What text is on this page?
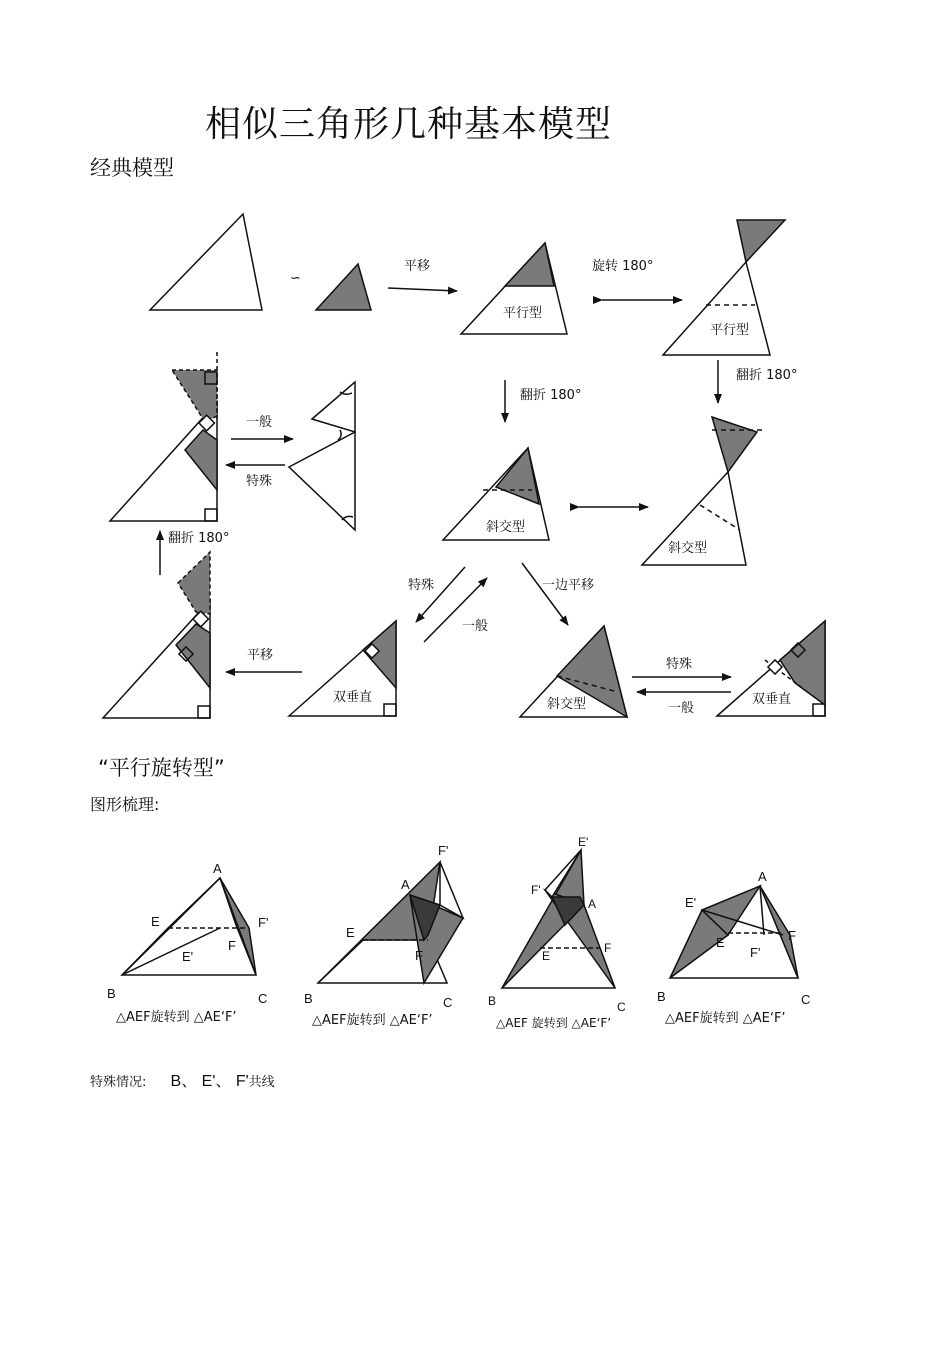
相似三角形几种基本模型
经典模型
“平行旋转型”
图形梳理:
特殊情况: B、 E'、 F'共线
∽
平移
平行型
旋转 180°
平行型
翻折 180°
翻折 180°
斜交型
斜交型
一般
特殊
翻折 180°
平移
双垂直
特殊
一般
一边平移
斜交型
特殊
一般
双垂直
A
B	C
E
F
E'
F'
△AEF旋转到 △AE‘F’
F'
A
E
F
B	C
△AEF旋转到 △AE‘F’
E'
F'
A
E
F
B	C
△AEF 旋转到 △AE‘F’
A
E'
E
F'
F
B	C
△AEF旋转到 △AE‘F’
